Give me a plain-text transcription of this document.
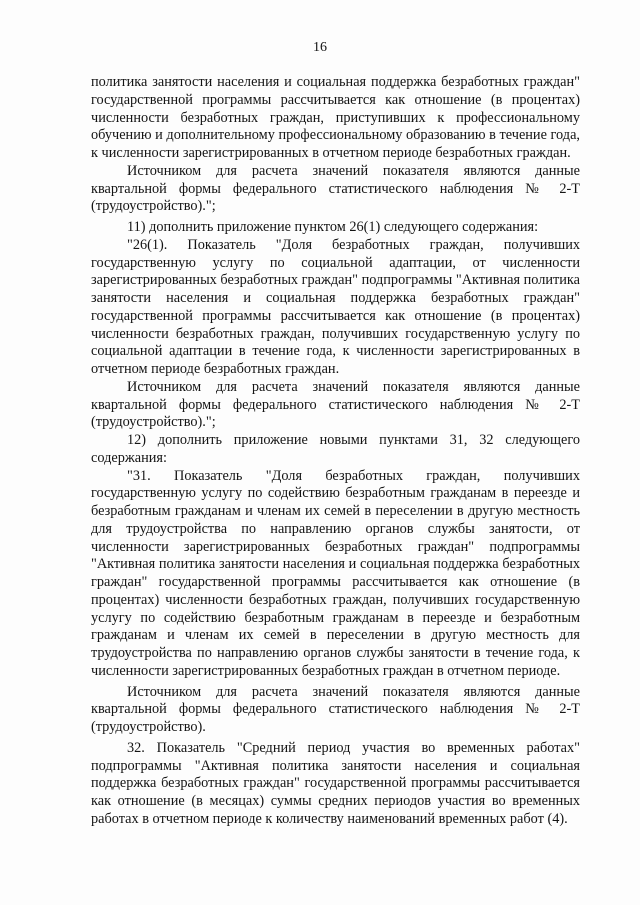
16

политика занятости населения и социальная поддержка безработных граждан" государственной программы рассчитывается как отношение (в процентах) численности безработных граждан, приступивших к профессиональному обучению и дополнительному профессиональному образованию в течение года, к численности зарегистрированных в отчетном периоде безработных граждан.

Источником для расчета значений показателя являются данные квартальной формы федерального статистического наблюдения № 2-Т (трудоустройство).";

11) дополнить приложение пунктом 26(1) следующего содержания:

"26(1). Показатель "Доля безработных граждан, получивших государственную услугу по социальной адаптации, от численности зарегистрированных безработных граждан" подпрограммы "Активная политика занятости населения и социальная поддержка безработных граждан" государственной программы рассчитывается как отношение (в процентах) численности безработных граждан, получивших государственную услугу по социальной адаптации в течение года, к численности зарегистрированных в отчетном периоде безработных граждан.

Источником для расчета значений показателя являются данные квартальной формы федерального статистического наблюдения № 2-Т (трудоустройство).";

12) дополнить приложение новыми пунктами 31, 32 следующего содержания:

"31. Показатель "Доля безработных граждан, получивших государственную услугу по содействию безработным гражданам в переезде и безработным гражданам и членам их семей в переселении в другую местность для трудоустройства по направлению органов службы занятости, от численности зарегистрированных безработных граждан" подпрограммы "Активная политика занятости населения и социальная поддержка безработных граждан" государственной программы рассчитывается как отношение (в процентах) численности безработных граждан, получивших государственную услугу по содействию безработным гражданам в переезде и безработным гражданам и членам их семей в переселении в другую местность для трудоустройства по направлению органов службы занятости в течение года, к численности зарегистрированных безработных граждан в отчетном периоде.

Источником для расчета значений показателя являются данные квартальной формы федерального статистического наблюдения № 2-Т (трудоустройство).

32. Показатель "Средний период участия во временных работах" подпрограммы "Активная политика занятости населения и социальная поддержка безработных граждан" государственной программы рассчитывается как отношение (в месяцах) суммы средних периодов участия во временных работах в отчетном периоде к количеству наименований временных работ (4).
